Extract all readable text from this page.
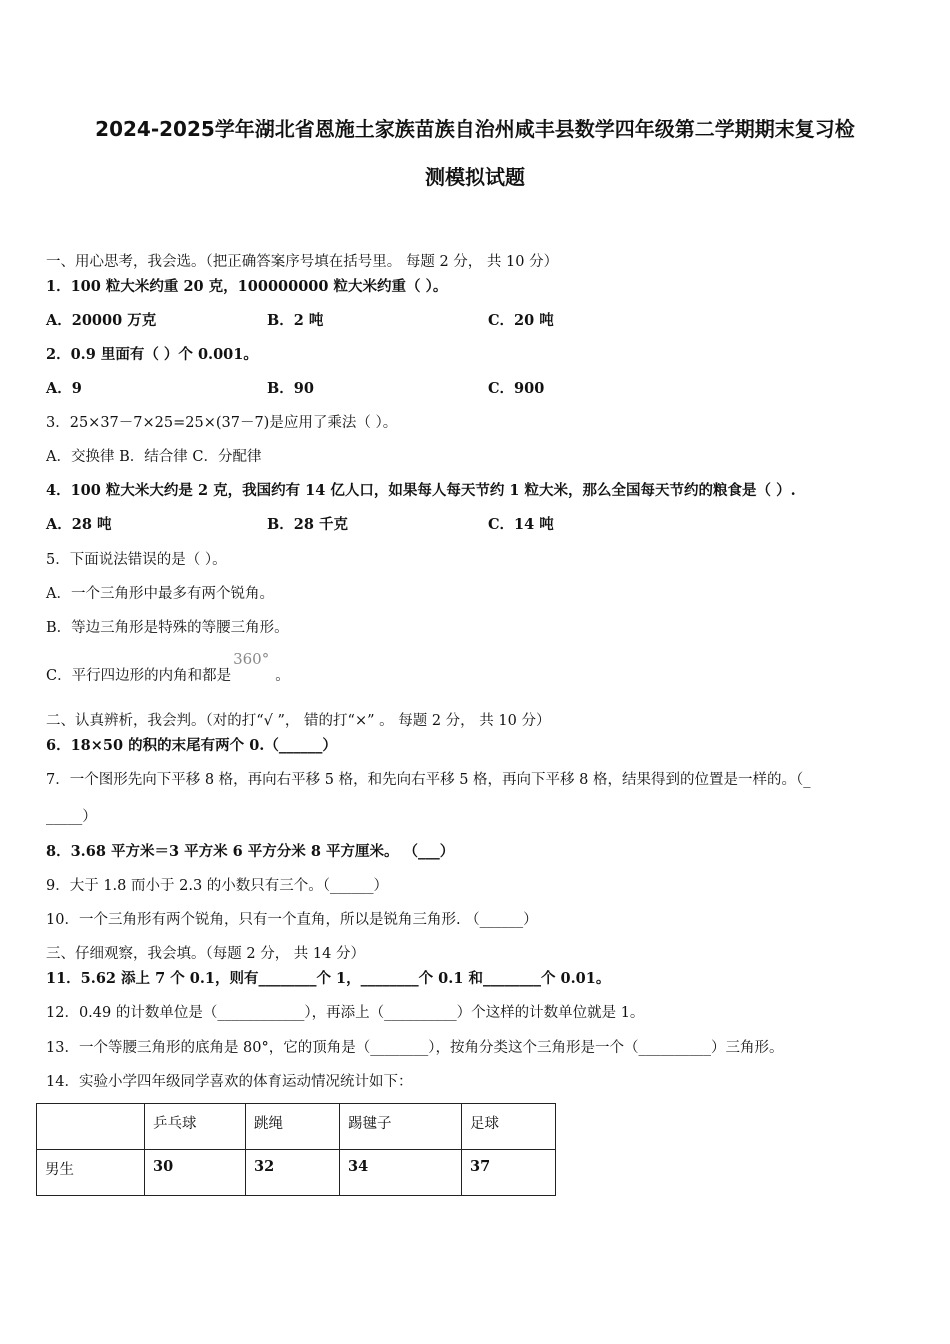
2024-2025学年湖北省恩施土家族苗族自治州咸丰县数学四年级第二学期期末复习检
测模拟试题
一、用心思考，我会选。（把正确答案序号填在括号里。 每题 2 分， 共 10 分）
1．100 粒大米约重 20 克，100000000 粒大米约重（ ）。
A．20000 万克	B．2 吨	C．20 吨
2．0.9 里面有（ ）个 0.001。
A．9	B．90	C．900
3．25×37－7×25=25×(37－7)是应用了乘法（ ）。
A．交换律 B．结合律 C．分配律
4．100 粒大米大约是 2 克，我国约有 14 亿人口，如果每人每天节约 1 粒大米，那么全国每天节约的粮食是（ ）.
A．28 吨	B．28 千克	C．14 吨
5．下面说法错误的是（ ）。
A．一个三角形中最多有两个锐角。
B．等边三角形是特殊的等腰三角形。
C．平行四边形的内角和都是360°。
二、认真辨析，我会判。（对的打“√ ”， 错的打“×” 。 每题 2 分， 共 10 分）
6．18×50 的积的末尾有两个 0.（______）
7．一个图形先向下平移 8 格，再向右平移 5 格，和先向右平移 5 格，再向下平移 8 格，结果得到的位置是一样的。（_
_____）
8．3.68 平方米＝3 平方米 6 平方分米 8 平方厘米。 （___）
9．大于 1.8 而小于 2.3 的小数只有三个。（______）
10．一个三角形有两个锐角，只有一个直角，所以是锐角三角形. （______）
三、仔细观察，我会填。（每题 2 分， 共 14 分）
11．5.62 添上 7 个 0.1，则有________个 1，________个 0.1 和________个 0.01。
12．0.49 的计数单位是（____________），再添上（__________）个这样的计数单位就是 1。
13．一个等腰三角形的底角是 80°，它的顶角是（________），按角分类这个三角形是一个（__________）三角形。
14．实验小学四年级同学喜欢的体育运动情况统计如下：
	乒乓球	跳绳	踢毽子	足球
男生	30	32	34	37
